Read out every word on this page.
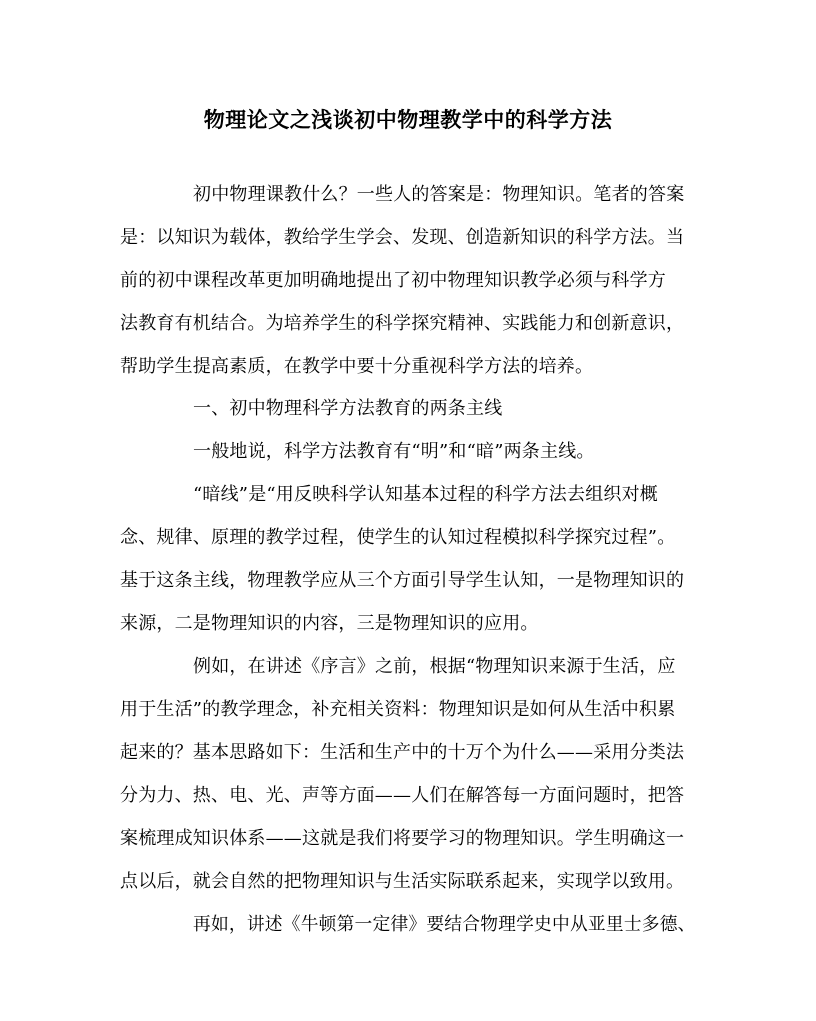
物理论文之浅谈初中物理教学中的科学方法
初中物理课教什么？一些人的答案是：物理知识。笔者的答案
是：以知识为载体，教给学生学会、发现、创造新知识的科学方法。当
前的初中课程改革更加明确地提出了初中物理知识教学必须与科学方
法教育有机结合。为培养学生的科学探究精神、实践能力和创新意识，
帮助学生提高素质，在教学中要十分重视科学方法的培养。
一、初中物理科学方法教育的两条主线
一般地说，科学方法教育有“明”和“暗”两条主线。
“暗线”是“用反映科学认知基本过程的科学方法去组织对概
念、规律、原理的教学过程，使学生的认知过程模拟科学探究过程”。
基于这条主线，物理教学应从三个方面引导学生认知，一是物理知识的
来源，二是物理知识的内容，三是物理知识的应用。
例如，在讲述《序言》之前，根据“物理知识来源于生活，应
用于生活”的教学理念，补充相关资料：物理知识是如何从生活中积累
起来的？基本思路如下：生活和生产中的十万个为什么——采用分类法
分为力、热、电、光、声等方面——人们在解答每一方面问题时，把答
案梳理成知识体系——这就是我们将要学习的物理知识。学生明确这一
点以后，就会自然的把物理知识与生活实际联系起来，实现学以致用。
再如，讲述《牛顿第一定律》要结合物理学史中从亚里士多德、
